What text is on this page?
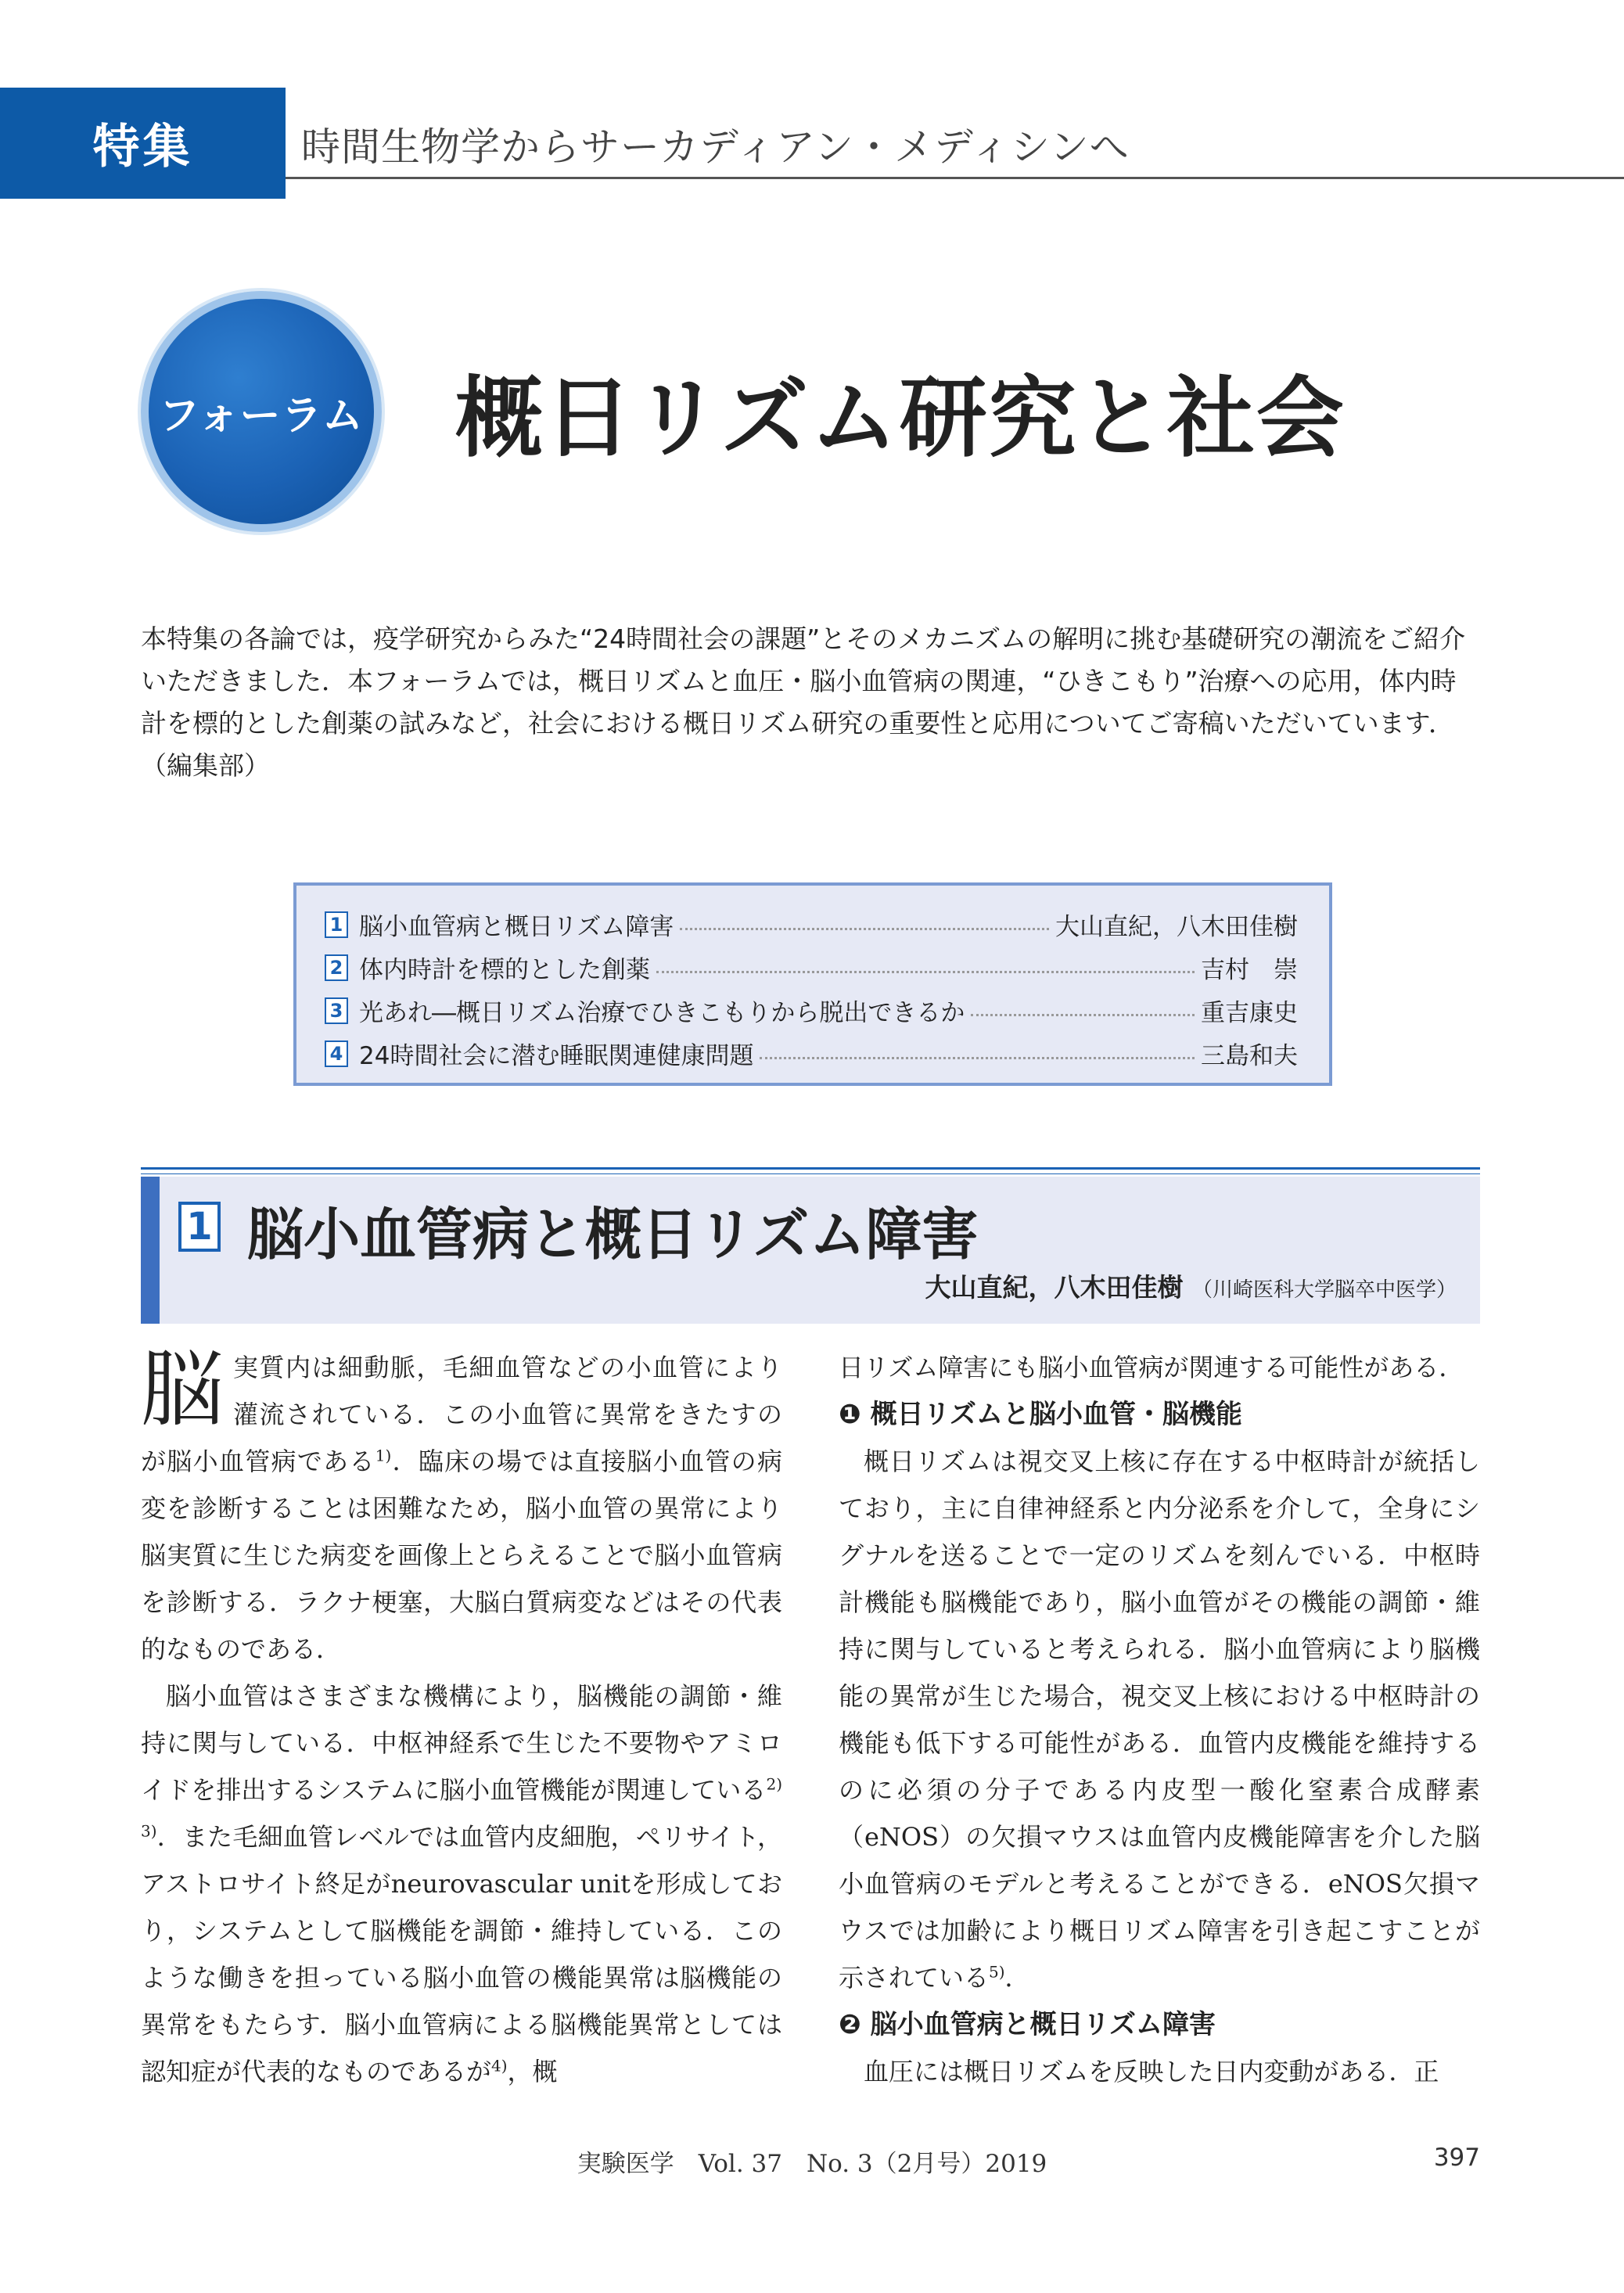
特集	時間生物学からサーカディアン・メディシンへ
フォーラム 概日リズム研究と社会
本特集の各論では，疫学研究からみた“24時間社会の課題”とそのメカニズムの解明に挑む基礎研究の潮流をご紹介いただきました．本フォーラムでは，概日リズムと血圧・脳小血管病の関連，“ひきこもり”治療への応用，体内時計を標的とした創薬の試みなど，社会における概日リズム研究の重要性と応用についてご寄稿いただいています．（編集部）
1 脳小血管病と概日リズム障害	大山直紀，八木田佳樹
2 体内時計を標的とした創薬	吉村　崇
3 光あれ―概日リズム治療でひきこもりから脱出できるか	重吉康史
4 24時間社会に潜む睡眠関連健康問題	三島和夫
1 脳小血管病と概日リズム障害
大山直紀，八木田佳樹 （川崎医科大学脳卒中医学）

脳実質内は細動脈，毛細血管などの小血管により灌流されている．この小血管に異常をきたすのが脳小血管病である$^{1)}$．臨床の場では直接脳小血管の病変を診断することは困難なため，脳小血管の異常により脳実質に生じた病変を画像上とらえることで脳小血管病を診断する．ラクナ梗塞，大脳白質病変などはその代表的なものである．

脳小血管はさまざまな機構により，脳機能の調節・維持に関与している．中枢神経系で生じた不要物やアミロイドを排出するシステムに脳小血管機能が関連している$^{2) 3)}$．また毛細血管レベルでは血管内皮細胞，ペリサイト，アストロサイト終足がneurovascular unitを形成しており，システムとして脳機能を調節・維持している．このような働きを担っている脳小血管の機能異常は脳機能の異常をもたらす．脳小血管病による脳機能異常としては認知症が代表的なものであるが$^{4)}$，概

日リズム障害にも脳小血管病が関連する可能性がある．

❶ 概日リズムと脳小血管・脳機能

概日リズムは視交叉上核に存在する中枢時計が統括しており，主に自律神経系と内分泌系を介して，全身にシグナルを送ることで一定のリズムを刻んでいる．中枢時計機能も脳機能であり，脳小血管がその機能の調節・維持に関与していると考えられる．脳小血管病により脳機能の異常が生じた場合，視交叉上核における中枢時計の機能も低下する可能性がある．血管内皮機能を維持するのに必須の分子である内皮型一酸化窒素合成酵素（eNOS）の欠損マウスは血管内皮機能障害を介した脳小血管病のモデルと考えることができる．eNOS欠損マウスでは加齢により概日リズム障害を引き起こすことが示されている$^{5)}$．

❷ 脳小血管病と概日リズム障害

血圧には概日リズムを反映した日内変動がある．正

実験医学　Vol. 37　No. 3（2月号）2019	397
